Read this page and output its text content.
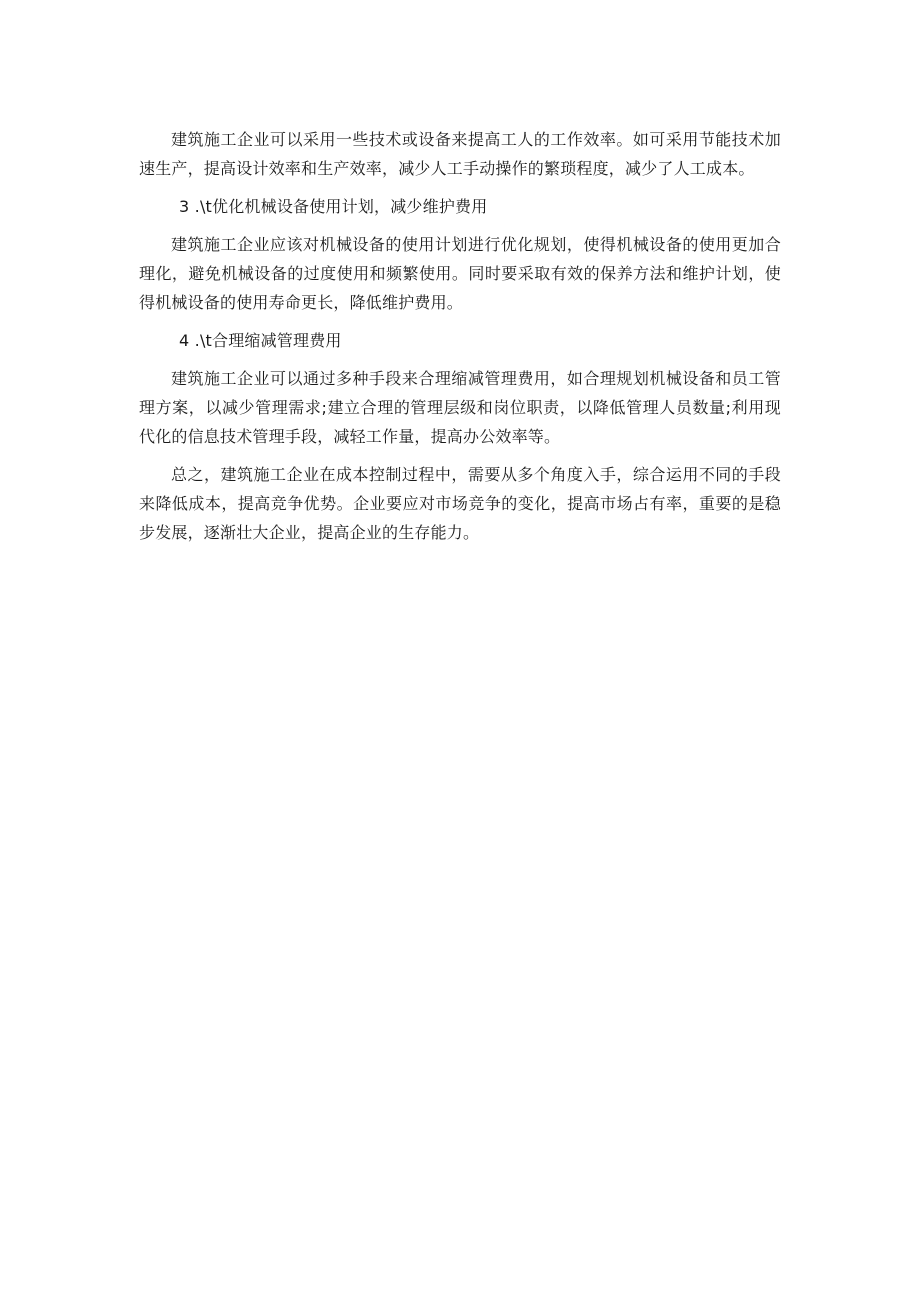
建筑施工企业可以采用一些技术或设备来提高工人的工作效率。如可采用节能技术加速生产，提高设计效率和生产效率，减少人工手动操作的繁琐程度，减少了人工成本。

3 .\t优化机械设备使用计划，减少维护费用

建筑施工企业应该对机械设备的使用计划进行优化规划，使得机械设备的使用更加合理化，避免机械设备的过度使用和频繁使用。同时要采取有效的保养方法和维护计划，使得机械设备的使用寿命更长，降低维护费用。

4 .\t合理缩减管理费用

建筑施工企业可以通过多种手段来合理缩减管理费用，如合理规划机械设备和员工管理方案，以减少管理需求;建立合理的管理层级和岗位职责，以降低管理人员数量;利用现代化的信息技术管理手段，减轻工作量，提高办公效率等。

总之，建筑施工企业在成本控制过程中，需要从多个角度入手，综合运用不同的手段来降低成本，提高竞争优势。企业要应对市场竞争的变化，提高市场占有率，重要的是稳步发展，逐渐壮大企业，提高企业的生存能力。
